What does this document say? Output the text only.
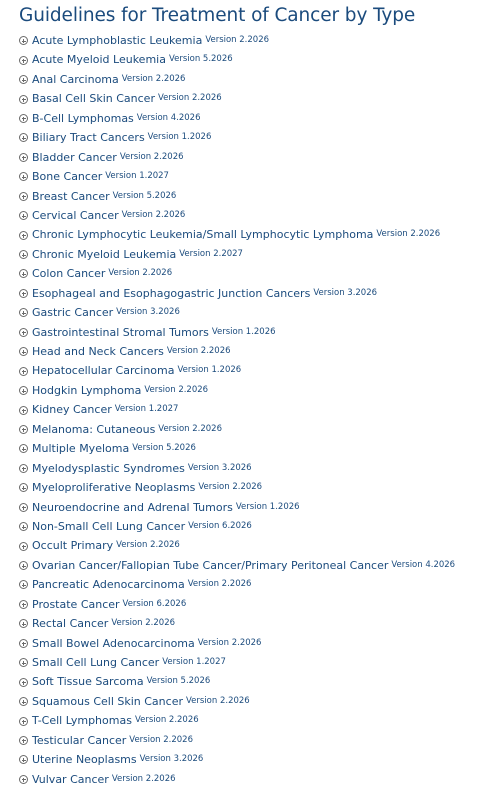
Guidelines for Treatment of Cancer by Type
Acute Lymphoblastic Leukemia Version 2.2026
Acute Myeloid Leukemia Version 5.2026
Anal Carcinoma Version 2.2026
Basal Cell Skin Cancer Version 2.2026
B-Cell Lymphomas Version 4.2026
Biliary Tract Cancers Version 1.2026
Bladder Cancer Version 2.2026
Bone Cancer Version 1.2027
Breast Cancer Version 5.2026
Cervical Cancer Version 2.2026
Chronic Lymphocytic Leukemia/Small Lymphocytic Lymphoma Version 2.2026
Chronic Myeloid Leukemia Version 2.2027
Colon Cancer Version 2.2026
Esophageal and Esophagogastric Junction Cancers Version 3.2026
Gastric Cancer Version 3.2026
Gastrointestinal Stromal Tumors Version 1.2026
Head and Neck Cancers Version 2.2026
Hepatocellular Carcinoma Version 1.2026
Hodgkin Lymphoma Version 2.2026
Kidney Cancer Version 1.2027
Melanoma: Cutaneous Version 2.2026
Multiple Myeloma Version 5.2026
Myelodysplastic Syndromes Version 3.2026
Myeloproliferative Neoplasms Version 2.2026
Neuroendocrine and Adrenal Tumors Version 1.2026
Non-Small Cell Lung Cancer Version 6.2026
Occult Primary Version 2.2026
Ovarian Cancer/Fallopian Tube Cancer/Primary Peritoneal Cancer Version 4.2026
Pancreatic Adenocarcinoma Version 2.2026
Prostate Cancer Version 6.2026
Rectal Cancer Version 2.2026
Small Bowel Adenocarcinoma Version 2.2026
Small Cell Lung Cancer Version 1.2027
Soft Tissue Sarcoma Version 5.2026
Squamous Cell Skin Cancer Version 2.2026
T-Cell Lymphomas Version 2.2026
Testicular Cancer Version 2.2026
Uterine Neoplasms Version 3.2026
Vulvar Cancer Version 2.2026
